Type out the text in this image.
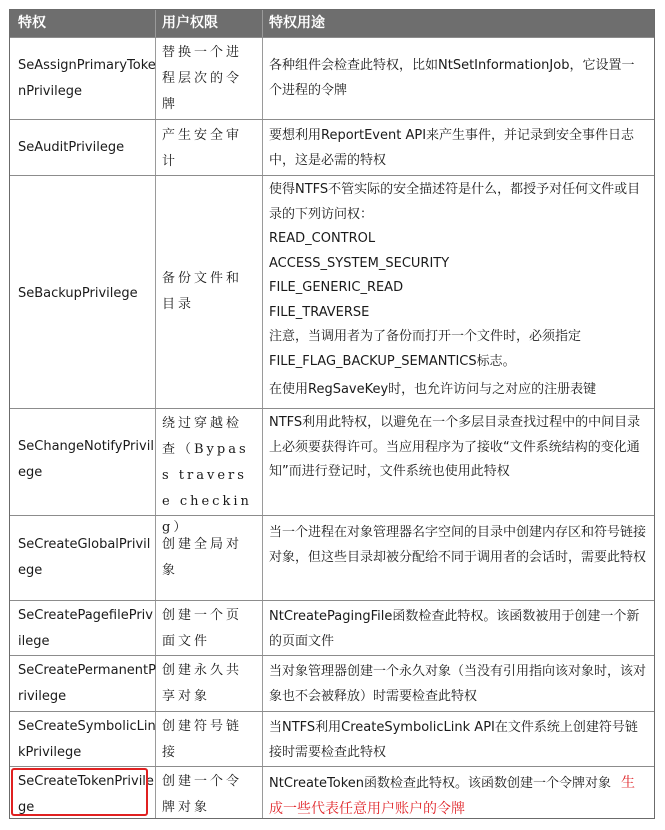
特权	用户权限	特权用途
SeAssignPrimaryTokenPrivilege
替换一个进程层次的令牌

各种组件会检查此特权，比如NtSetInformationJob，它设置一个进程的令牌

SeAuditPrivilege
产生安全审计

要想利用ReportEvent API来产生事件，并记录到安全事件日志中，这是必需的特权

SeBackupPrivilege
备份文件和目录

使得NTFS不管实际的安全描述符是什么，都授予对任何文件或目录的下列访问权：

READ_CONTROL

ACCESS_SYSTEM_SECURITY

FILE_GENERIC_READ

FILE_TRAVERSE

注意，当调用者为了备份而打开一个文件时，必须指定FILE_FLAG_BACKUP_SEMANTICS标志。

在使用RegSaveKey时，也允许访问与之对应的注册表键

SeChangeNotifyPrivilege
绕过穿越检查（Bypass traverse checking）

NTFS利用此特权，以避免在一个多层目录查找过程中的中间目录上必须要获得许可。当应用程序为了接收“文件系统结构的变化通知”而进行登记时，文件系统也使用此特权

SeCreateGlobalPrivilege
创建全局对象

当一个进程在对象管理器名字空间的目录中创建内存区和符号链接对象，但这些目录却被分配给不同于调用者的会话时，需要此特权

SeCreatePagefilePrivilege
创建一个页面文件

NtCreatePagingFile函数检查此特权。该函数被用于创建一个新的页面文件

SeCreatePermanentPrivilege
创建永久共享对象

当对象管理器创建一个永久对象（当没有引用指向该对象时，该对象也不会被释放）时需要检查此特权

SeCreateSymbolicLinkPrivilege
创建符号链接

当NTFS利用CreateSymbolicLink API在文件系统上创建符号链接时需要检查此特权

SeCreateTokenPrivilege
创建一个令牌对象
NtCreateToken函数检查此特权。该函数创建一个令牌对象 生成一些代表任意用户账户的令牌
